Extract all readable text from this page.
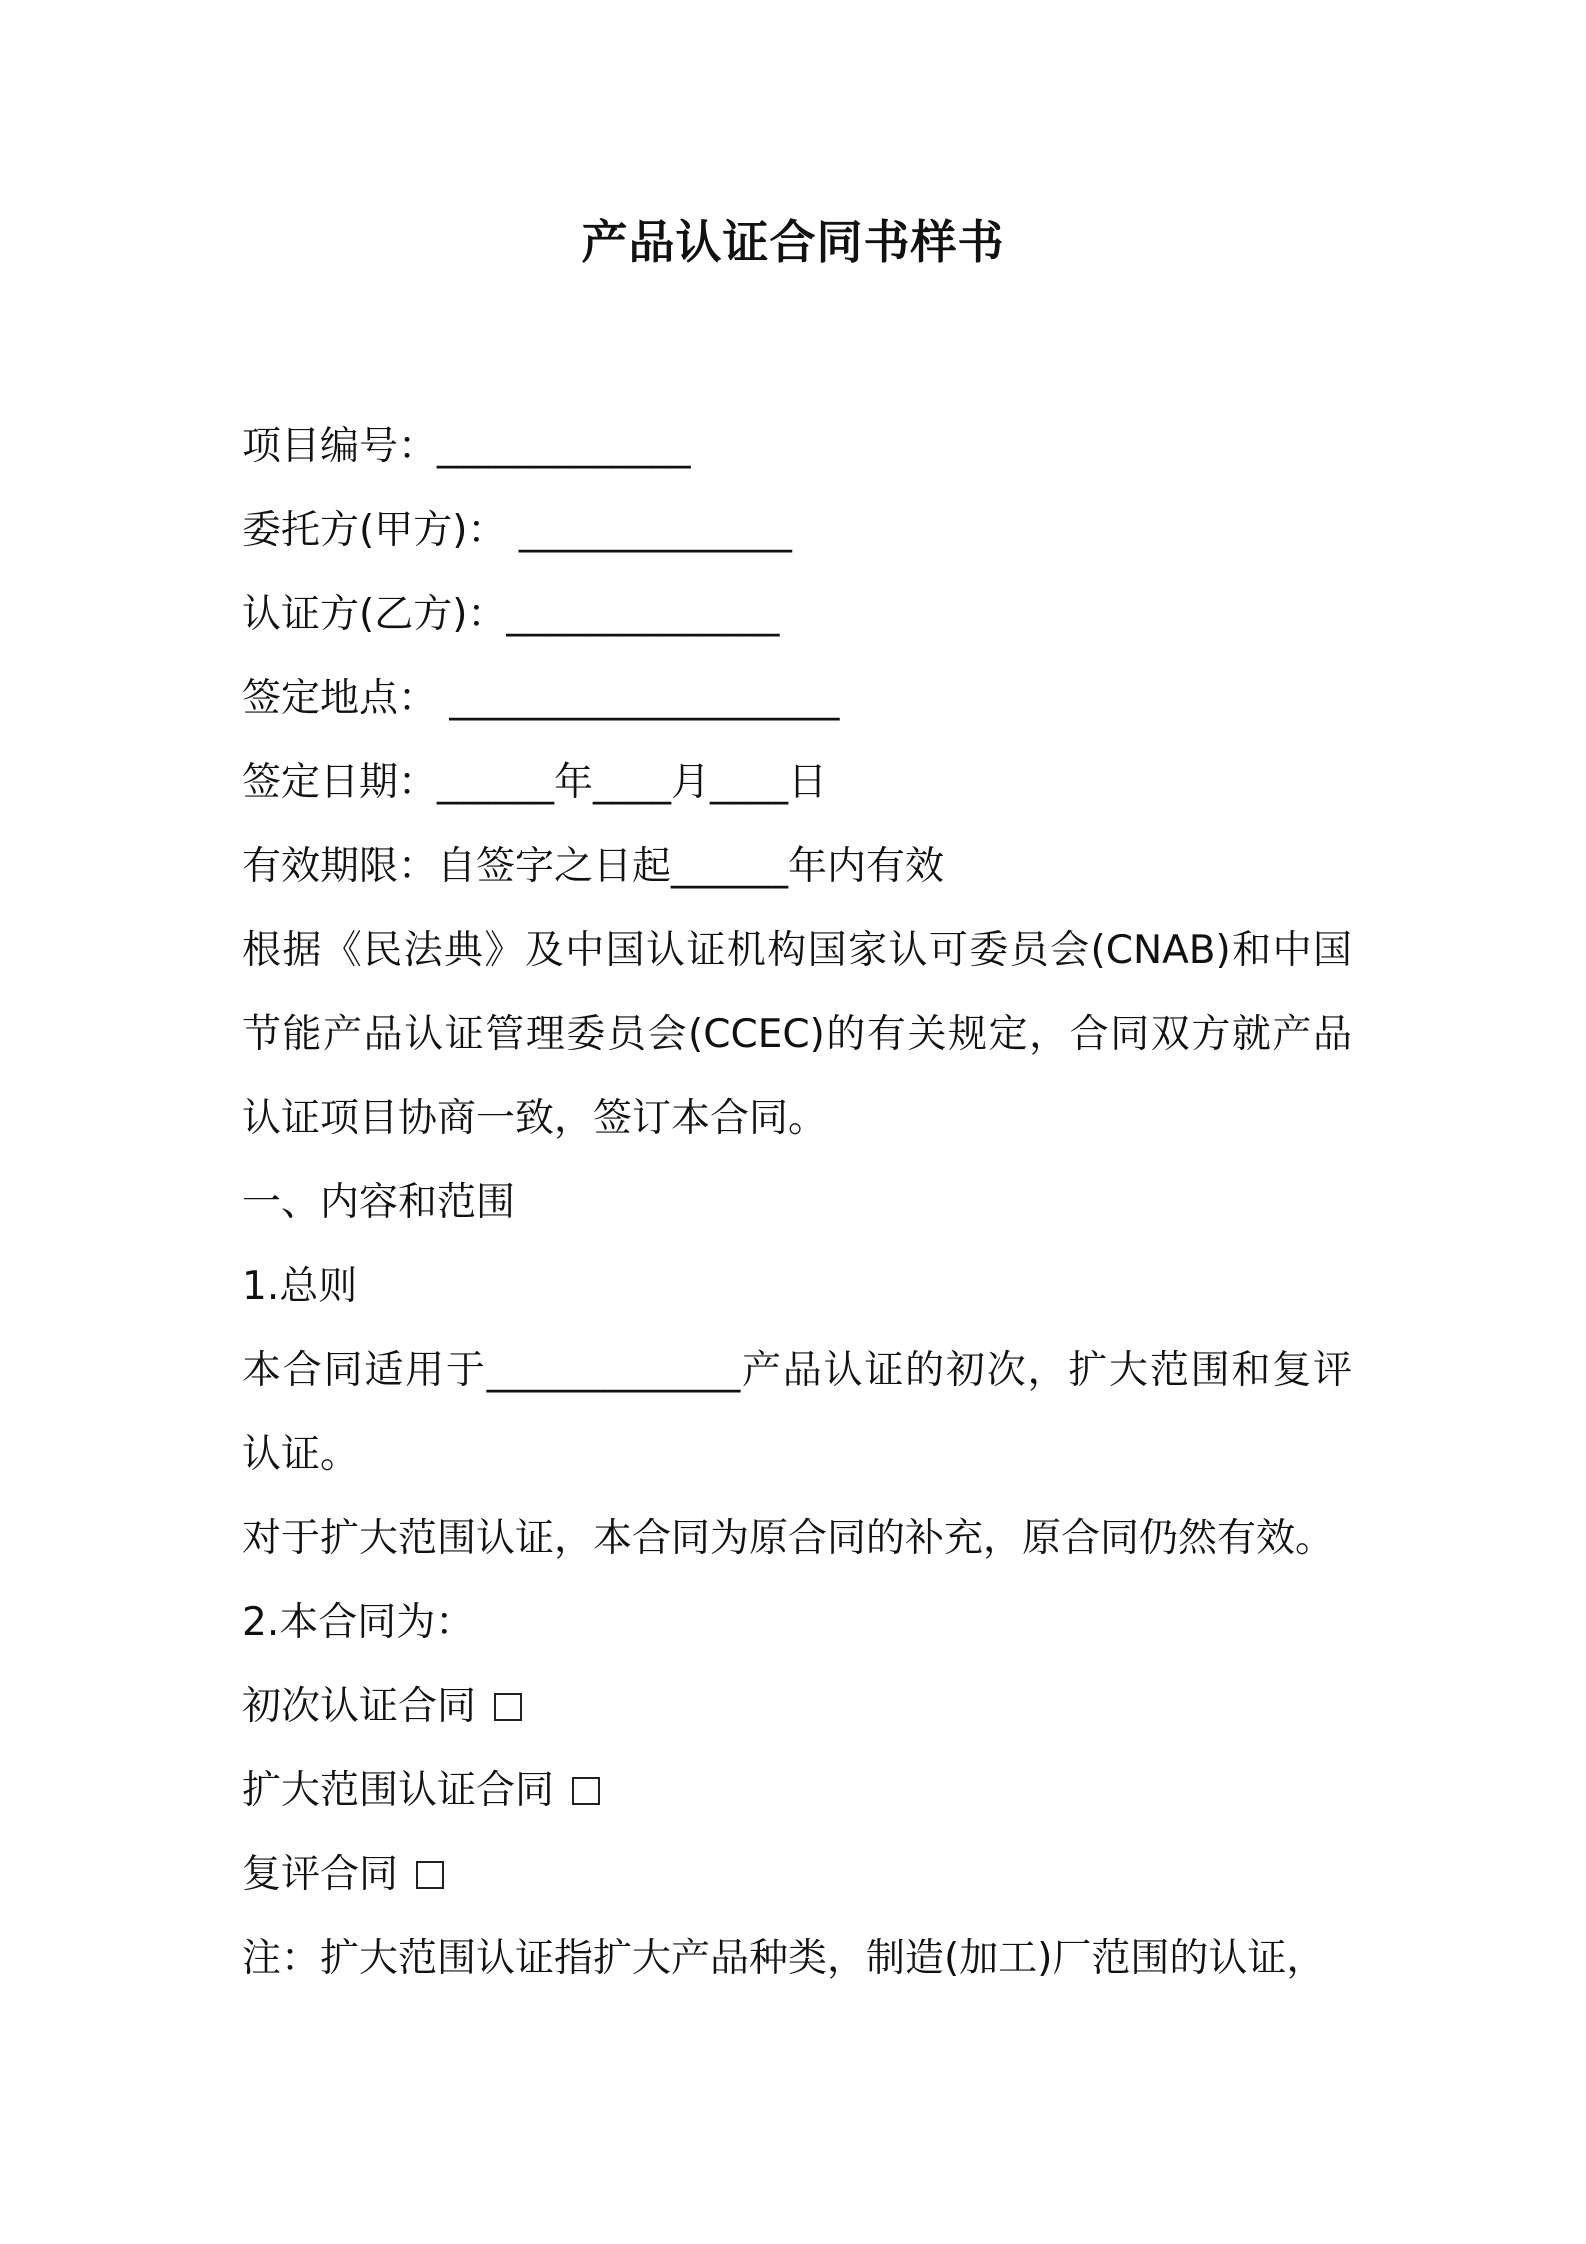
产品认证合同书样书
项目编号：_____________
委托方(甲方)： ______________
认证方(乙方)：______________
签定地点： ____________________
签定日期：______年____月____日
有效期限：自签字之日起______年内有效
根据《民法典》及中国认证机构国家认可委员会(CNAB)和中国节能产品认证管理委员会(CCEC)的有关规定，合同双方就产品认证项目协商一致，签订本合同。
一、内容和范围
1.总则
本合同适用于_____________产品认证的初次，扩大范围和复评认证。
对于扩大范围认证，本合同为原合同的补充，原合同仍然有效。
2.本合同为：
初次认证合同
扩大范围认证合同
复评合同
注：扩大范围认证指扩大产品种类，制造(加工)厂范围的认证，
